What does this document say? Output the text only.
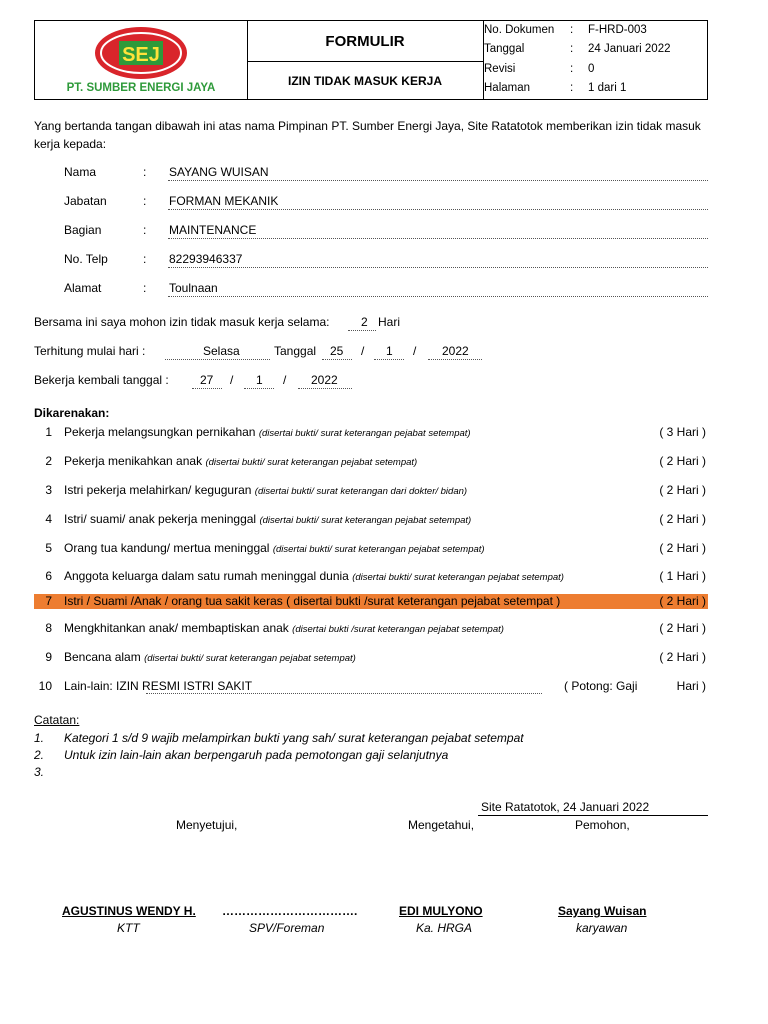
SEJ
PT. SUMBER ENERGI JAYA
FORMULIR
IZIN TIDAK MASUK KERJA
No. Dokumen : F-HRD-003
Tanggal	: 24 Januari 2022
Revisi	: 0
Halaman	: 1 dari 1
Yang bertanda tangan dibawah ini atas nama Pimpinan PT. Sumber Energi Jaya, Site Ratatotok memberikan izin tidak masuk
kerja kepada:
Nama	: SAYANG WUISAN
Jabatan	: FORMAN MEKANIK
Bagian	: MAINTENANCE
No. Telp	: 82293946337
Alamat	: Toulnaan
Bersama ini saya mohon izin tidak masuk kerja selama:	2 Hari
Terhitung mulai hari :	Selasa	Tanggal 25 / 1 / 2022
Bekerja kembali tanggal :	27 / 1 / 2022
Dikarenakan:
1 Pekerja melangsungkan pernikahan (disertai bukti/ surat keterangan pejabat setempat)	( 3 Hari )
2 Pekerja menikahkan anak (disertai bukti/ surat keterangan pejabat setempat)	( 2 Hari )
3 Istri pekerja melahirkan/ keguguran (disertai bukti/ surat keterangan dari dokter/ bidan)	( 2 Hari )
4 Istri/ suami/ anak pekerja meninggal (disertai bukti/ surat keterangan pejabat setempat)	( 2 Hari )
5 Orang tua kandung/ mertua meninggal (disertai bukti/ surat keterangan pejabat setempat)	( 2 Hari )
6 Anggota keluarga dalam satu rumah meninggal dunia (disertai bukti/ surat keterangan pejabat setempat)	( 1 Hari )
7 Istri / Suami /Anak / orang tua sakit keras ( disertai bukti /surat keterangan pejabat setempat )	( 2 Hari )
8 Mengkhitankan anak/ membaptiskan anak (disertai bukti /surat keterangan pejabat setempat)	( 2 Hari )
9 Bencana alam (disertai bukti/ surat keterangan pejabat setempat)	( 2 Hari )
10 Lain-lain: IZIN RESMI ISTRI SAKIT	( Potong: Gaji	Hari )
Catatan:
1. Kategori 1 s/d 9 wajib melampirkan bukti yang sah/ surat keterangan pejabat setempat
2. Untuk izin lain-lain akan berpengaruh pada pemotongan gaji selanjutnya
3.
Site Ratatotok, 24 Januari 2022
Menyetujui,	Mengetahui,	Pemohon,
AGUSTINUS WENDY H.
KTT
…………………………….
SPV/Foreman
EDI MULYONO
Ka. HRGA
Sayang Wuisan
karyawan
